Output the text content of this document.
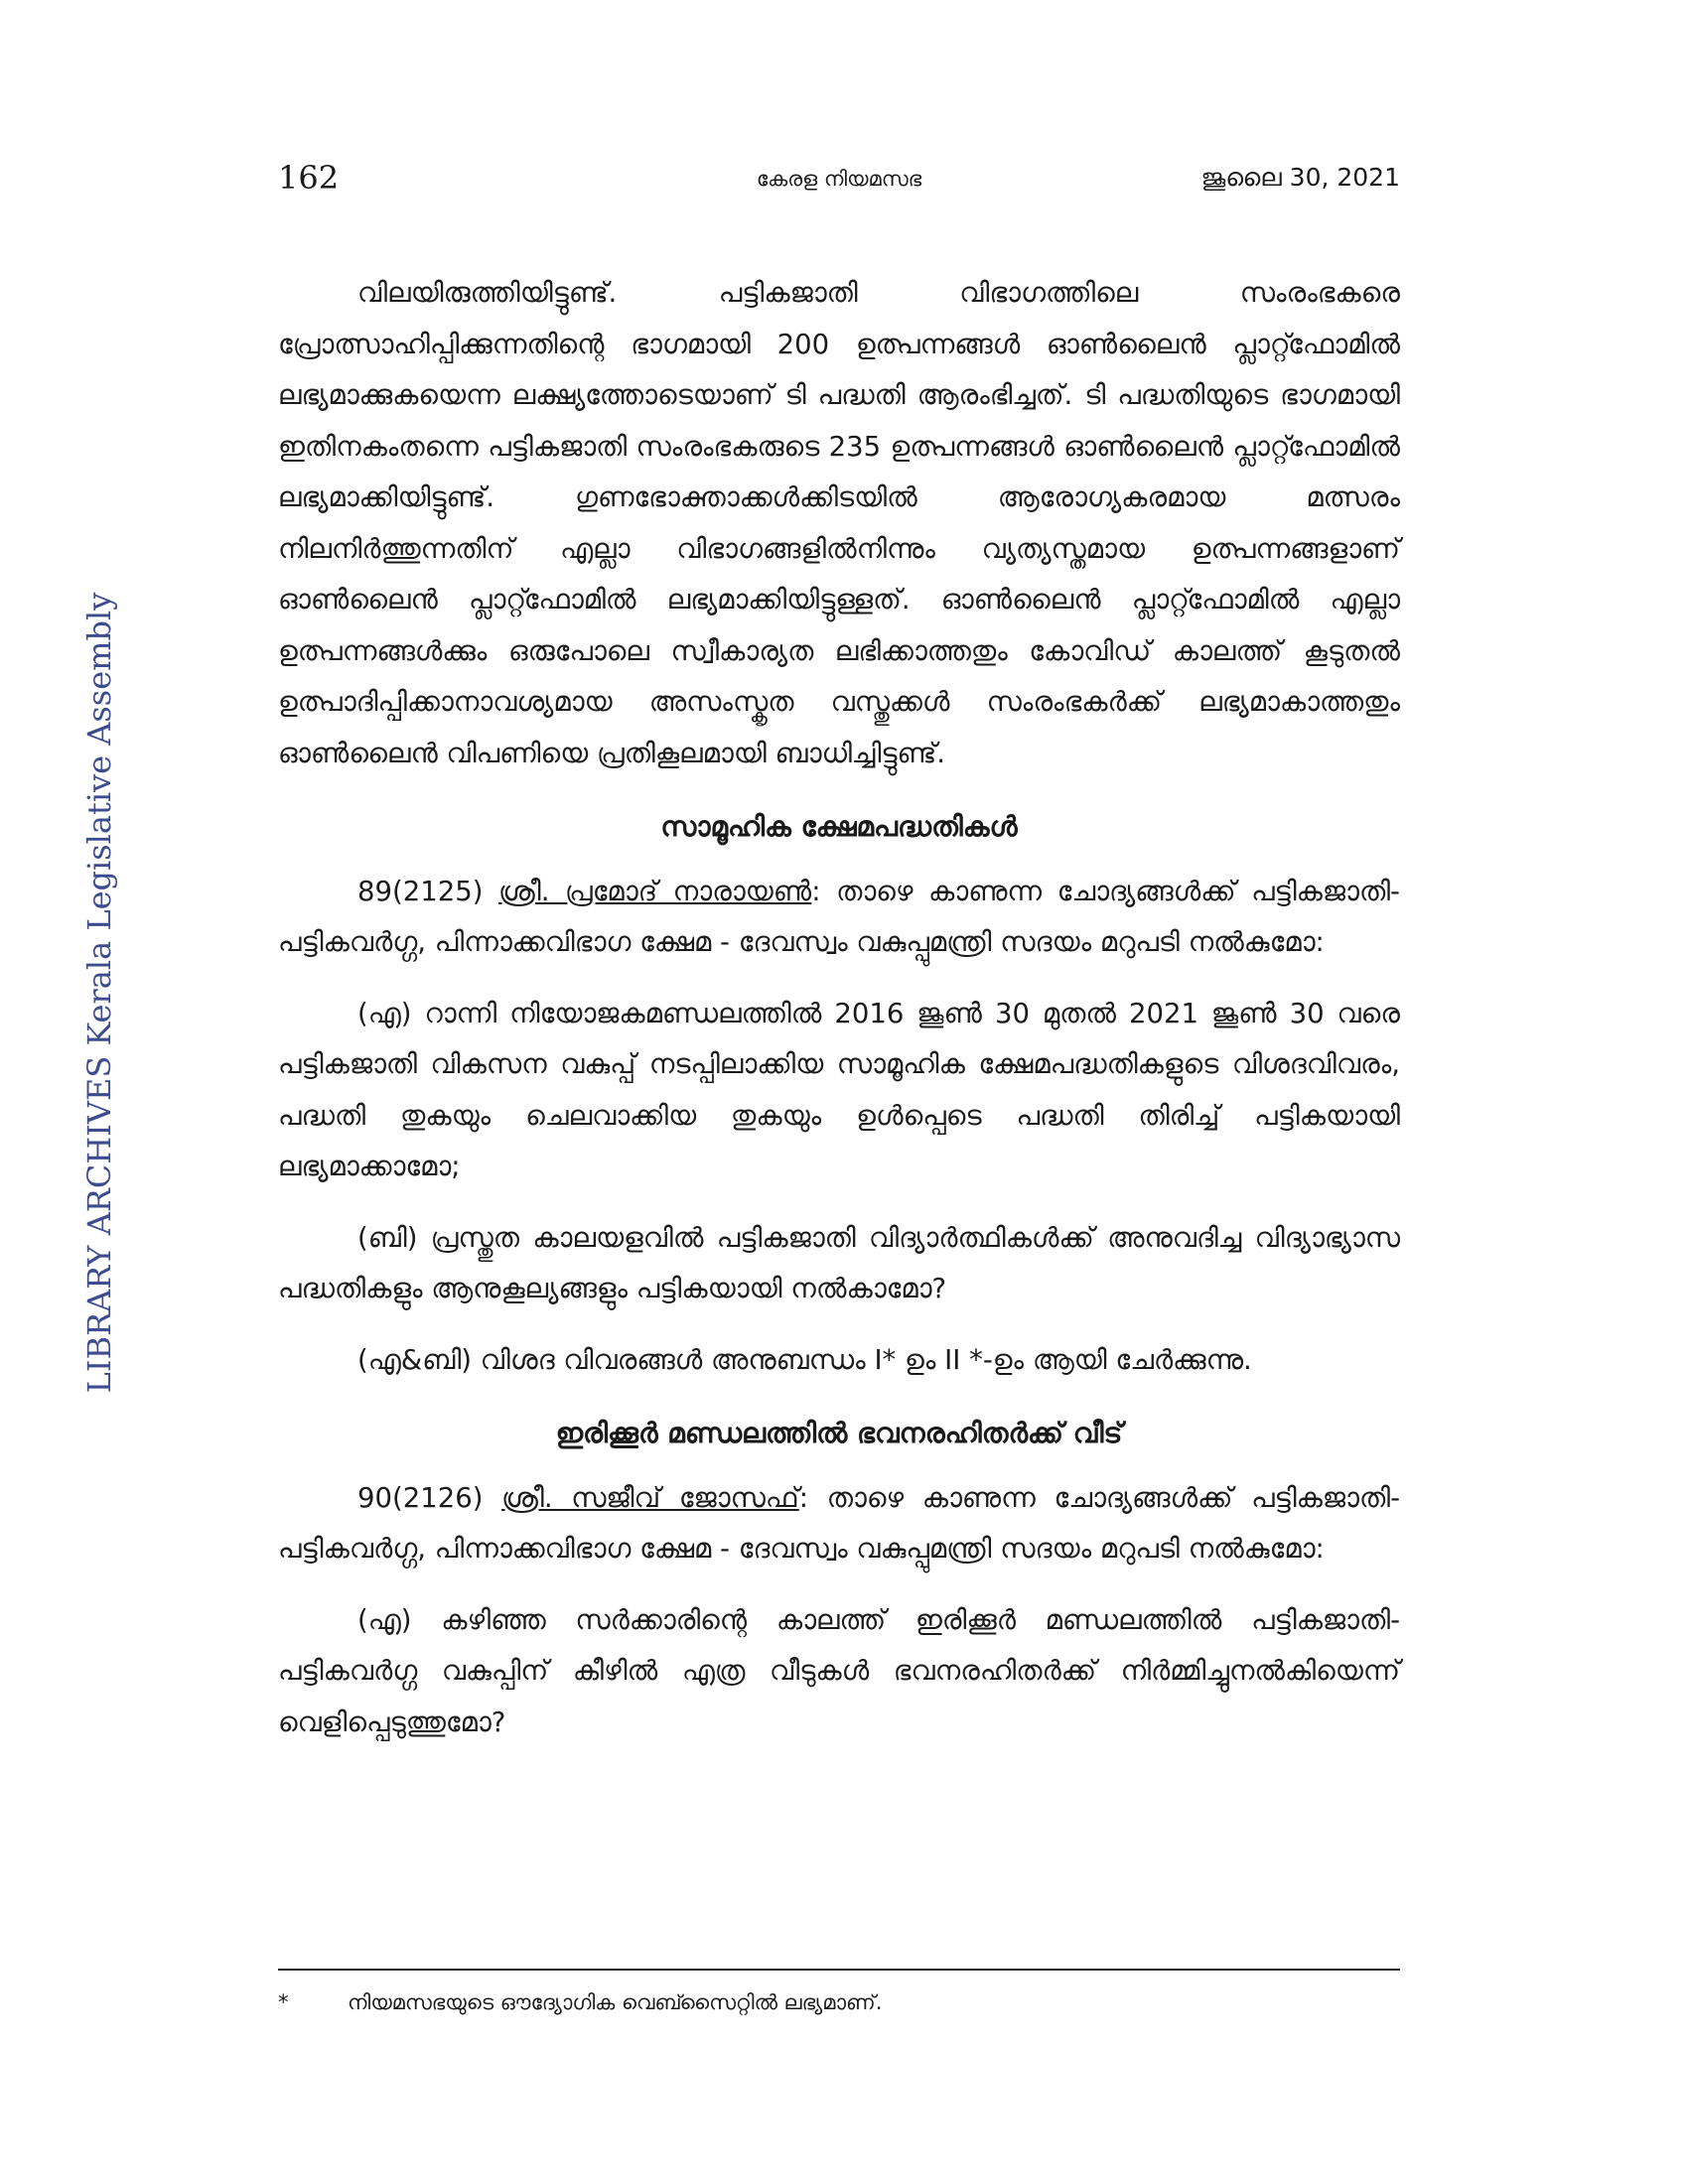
LIBRARY ARCHIVES Kerala Legislative Assembly
162	കേരള നിയമസഭ	ജൂലൈ 30, 2021

വിലയിരുത്തിയിട്ടുണ്ട്. പട്ടികജാതി വിഭാഗത്തിലെ സംരംഭകരെ പ്രോത്സാഹിപ്പിക്കുന്നതിന്റെ ഭാഗമായി 200 ഉത്പന്നങ്ങൾ ഓൺലൈൻ പ്ലാറ്റ്ഫോമിൽ ലഭ്യമാക്കുകയെന്ന ലക്ഷ്യത്തോടെയാണ് ടി പദ്ധതി ആരംഭിച്ചത്. ടി പദ്ധതിയുടെ ഭാഗമായി ഇതിനകംതന്നെ പട്ടികജാതി സംരംഭകരുടെ 235 ഉത്പന്നങ്ങൾ ഓൺലൈൻ പ്ലാറ്റ്ഫോമിൽ ലഭ്യമാക്കിയിട്ടുണ്ട്. ഗുണഭോക്താക്കൾക്കിടയിൽ ആരോഗ്യകരമായ മത്സരം നിലനിർത്തുന്നതിന് എല്ലാ വിഭാഗങ്ങളിൽനിന്നും വ്യത്യസ്തമായ ഉത്പന്നങ്ങളാണ് ഓൺലൈൻ പ്ലാറ്റ്ഫോമിൽ ലഭ്യമാക്കിയിട്ടുള്ളത്. ഓൺലൈൻ പ്ലാറ്റ്ഫോമിൽ എല്ലാ ഉത്പന്നങ്ങൾക്കും ഒരുപോലെ സ്വീകാര്യത ലഭിക്കാത്തതും കോവിഡ് കാലത്ത് കൂടുതൽ ഉത്പാദിപ്പിക്കാനാവശ്യമായ അസംസ്കൃത വസ്തുക്കൾ സംരംഭകർക്ക് ലഭ്യമാകാത്തതും ഓൺലൈൻ വിപണിയെ പ്രതികൂലമായി ബാധിച്ചിട്ടുണ്ട്.

സാമൂഹിക ക്ഷേമപദ്ധതികൾ

89(2125) ശ്രീ. പ്രമോദ് നാരായൺ: താഴെ കാണുന്ന ചോദ്യങ്ങൾക്ക് പട്ടികജാതി-പട്ടികവർഗ്ഗ, പിന്നാക്കവിഭാഗ ക്ഷേമ - ദേവസ്വം വകുപ്പുമന്ത്രി സദയം മറുപടി നൽകുമോ:

(എ) റാന്നി നിയോജകമണ്ഡലത്തിൽ 2016 ജൂൺ 30 മുതൽ 2021 ജൂൺ 30 വരെ പട്ടികജാതി വികസന വകുപ്പ് നടപ്പിലാക്കിയ സാമൂഹിക ക്ഷേമപദ്ധതികളുടെ വിശദവിവരം, പദ്ധതി തുകയും ചെലവാക്കിയ തുകയും ഉൾപ്പെടെ പദ്ധതി തിരിച്ച് പട്ടികയായി ലഭ്യമാക്കാമോ;

(ബി) പ്രസ്തുത കാലയളവിൽ പട്ടികജാതി വിദ്യാർത്ഥികൾക്ക് അനുവദിച്ച വിദ്യാഭ്യാസ പദ്ധതികളും ആനുകൂല്യങ്ങളും പട്ടികയായി നൽകാമോ?

(എ&ബി) വിശദ വിവരങ്ങൾ അനുബന്ധം I* ഉം II *-ഉം ആയി ചേർക്കുന്നു.

ഇരിക്കൂർ മണ്ഡലത്തിൽ ഭവനരഹിതർക്ക് വീട്

90(2126) ശ്രീ. സജീവ് ജോസഫ്: താഴെ കാണുന്ന ചോദ്യങ്ങൾക്ക് പട്ടികജാതി-പട്ടികവർഗ്ഗ, പിന്നാക്കവിഭാഗ ക്ഷേമ - ദേവസ്വം വകുപ്പുമന്ത്രി സദയം മറുപടി നൽകുമോ:

(എ) കഴിഞ്ഞ സർക്കാരിന്റെ കാലത്ത് ഇരിക്കൂർ മണ്ഡലത്തിൽ പട്ടികജാതി-പട്ടികവർഗ്ഗ വകുപ്പിന് കീഴിൽ എത്ര വീടുകൾ ഭവനരഹിതർക്ക് നിർമ്മിച്ചുനൽകിയെന്ന് വെളിപ്പെടുത്തുമോ?

*	നിയമസഭയുടെ ഔദ്യോഗിക വെബ്സൈറ്റിൽ ലഭ്യമാണ്.
